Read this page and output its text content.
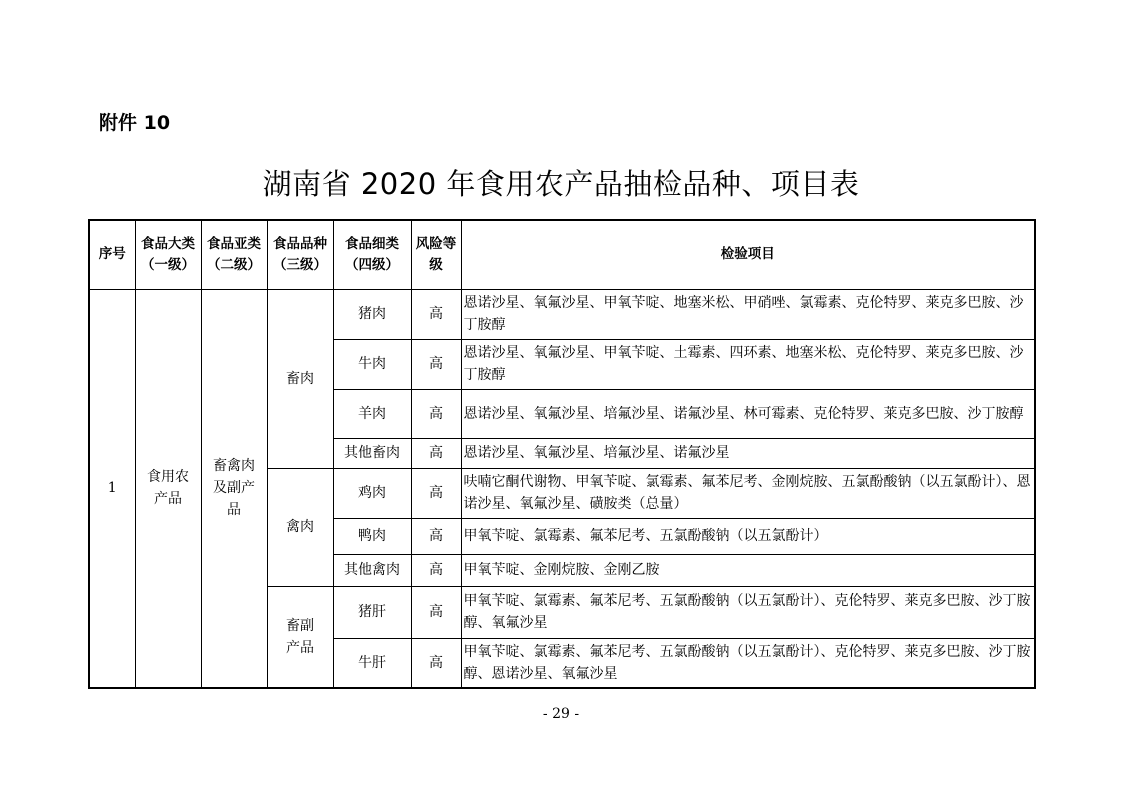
附件 10
湖南省 2020 年食用农产品抽检品种、项目表
序号	食品大类（一级）	食品亚类（二级）	食品品种（三级）	食品细类（四级）	风险等级	检验项目
1	食用农产品	畜禽肉及副产品	畜肉	猪肉	高	恩诺沙星、氧氟沙星、甲氧苄啶、地塞米松、甲硝唑、氯霉素、克伦特罗、莱克多巴胺、沙丁胺醇
				牛肉	高	恩诺沙星、氧氟沙星、甲氧苄啶、土霉素、四环素、地塞米松、克伦特罗、莱克多巴胺、沙丁胺醇
				羊肉	高	恩诺沙星、氧氟沙星、培氟沙星、诺氟沙星、林可霉素、克伦特罗、莱克多巴胺、沙丁胺醇
				其他畜肉	高	恩诺沙星、氧氟沙星、培氟沙星、诺氟沙星
			禽肉	鸡肉	高	呋喃它酮代谢物、甲氧苄啶、氯霉素、氟苯尼考、金刚烷胺、五氯酚酸钠（以五氯酚计）、恩诺沙星、氧氟沙星、磺胺类（总量）
				鸭肉	高	甲氧苄啶、氯霉素、氟苯尼考、五氯酚酸钠（以五氯酚计）
				其他禽肉	高	甲氧苄啶、金刚烷胺、金刚乙胺
			畜副产品	猪肝	高	甲氧苄啶、氯霉素、氟苯尼考、五氯酚酸钠（以五氯酚计）、克伦特罗、莱克多巴胺、沙丁胺醇、氧氟沙星
				牛肝	高	甲氧苄啶、氯霉素、氟苯尼考、五氯酚酸钠（以五氯酚计）、克伦特罗、莱克多巴胺、沙丁胺醇、恩诺沙星、氧氟沙星
- 29 -
